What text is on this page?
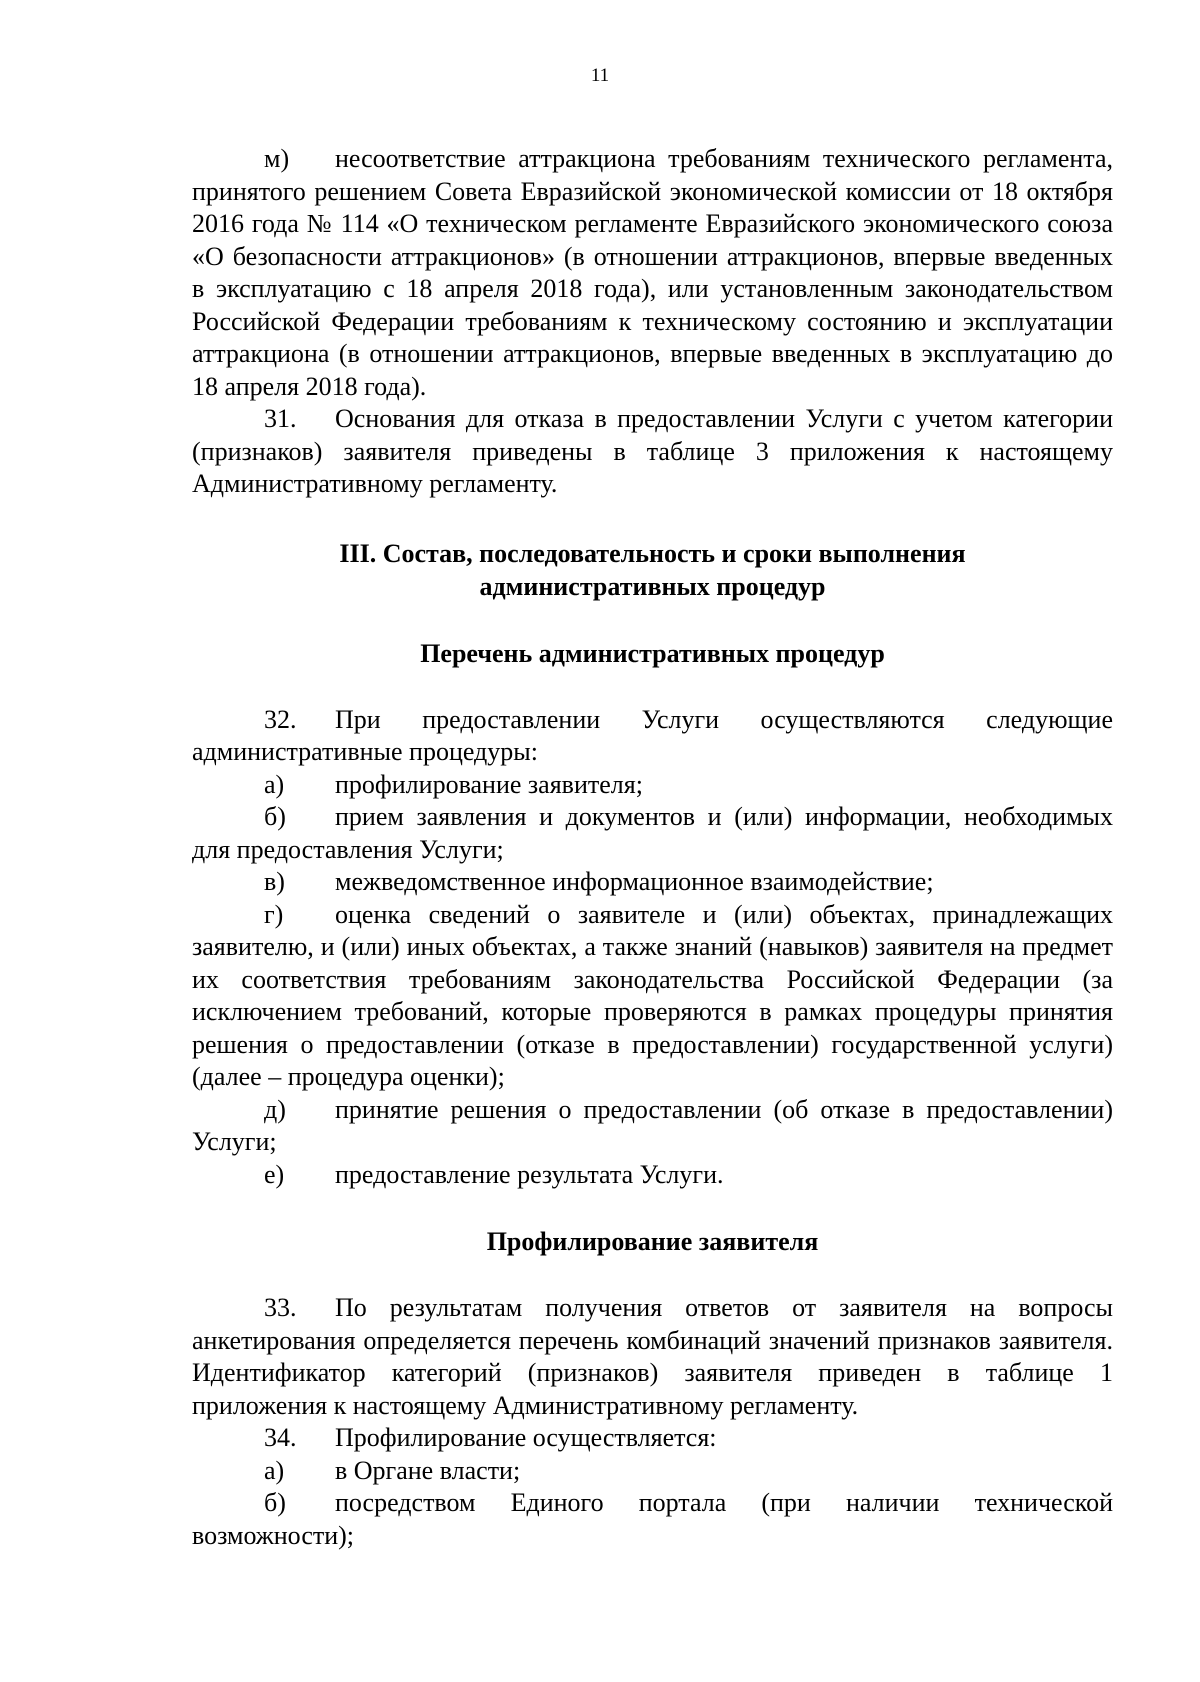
11

м) несоответствие аттракциона требованиям технического регламента, принятого решением Совета Евразийской экономической комиссии от 18 октября 2016 года № 114 «О техническом регламенте Евразийского экономического союза «О безопасности аттракционов» (в отношении аттракционов, впервые введенных в эксплуатацию с 18 апреля 2018 года), или установленным законодательством Российской Федерации требованиям к техническому состоянию и эксплуатации аттракциона (в отношении аттракционов, впервые введенных в эксплуатацию до 18 апреля 2018 года).

31. Основания для отказа в предоставлении Услуги с учетом категории (признаков) заявителя приведены в таблице 3 приложения к настоящему Административному регламенту.

III. Состав, последовательность и сроки выполнения
административных процедур
Перечень административных процедур

32. При предоставлении Услуги осуществляются следующие административные процедуры:

а) профилирование заявителя;

б) прием заявления и документов и (или) информации, необходимых для предоставления Услуги;

в) межведомственное информационное взаимодействие;

г) оценка сведений о заявителе и (или) объектах, принадлежащих заявителю, и (или) иных объектах, а также знаний (навыков) заявителя на предмет их соответствия требованиям законодательства Российской Федерации (за исключением требований, которые проверяются в рамках процедуры принятия решения о предоставлении (отказе в предоставлении) государственной услуги) (далее – процедура оценки);

д) принятие решения о предоставлении (об отказе в предоставлении) Услуги;

е) предоставление результата Услуги.

Профилирование заявителя

33. По результатам получения ответов от заявителя на вопросы анкетирования определяется перечень комбинаций значений признаков заявителя. Идентификатор категорий (признаков) заявителя приведен в таблице 1 приложения к настоящему Административному регламенту.

34. Профилирование осуществляется:

а) в Органе власти;

б) посредством Единого портала (при наличии технической возможности);
